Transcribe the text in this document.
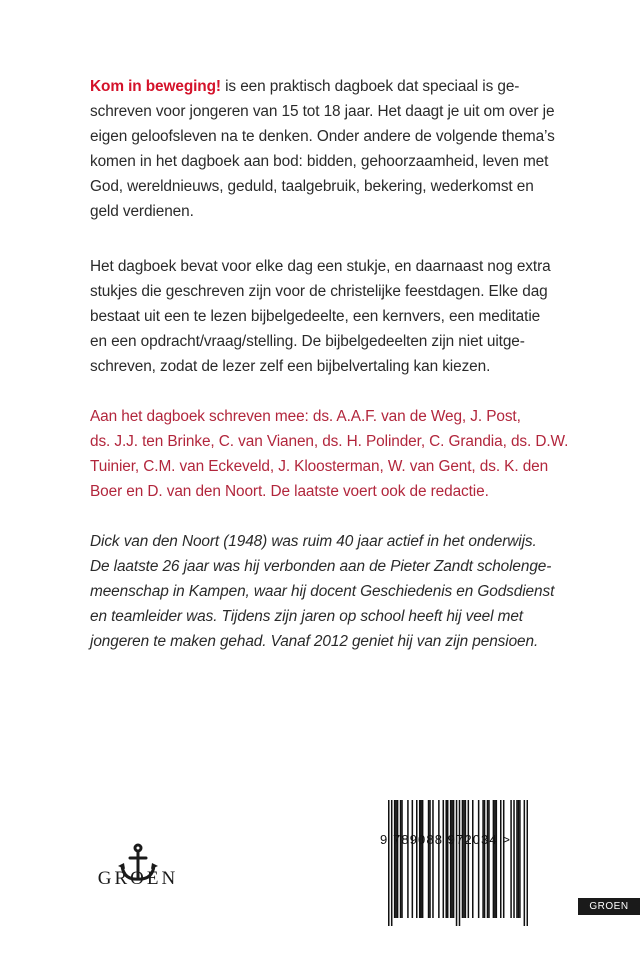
Kom in beweging! is een praktisch dagboek dat speciaal is ge-
schreven voor jongeren van 15 tot 18 jaar. Het daagt je uit om over je
eigen geloofsleven na te denken. Onder andere de volgende thema’s
komen in het dagboek aan bod: bidden, gehoorzaamheid, leven met
God, wereldnieuws, geduld, taalgebruik, bekering, wederkomst en
geld verdienen.

Het dagboek bevat voor elke dag een stukje, en daarnaast nog extra
stukjes die geschreven zijn voor de christelijke feestdagen. Elke dag
bestaat uit een te lezen bijbelgedeelte, een kernvers, een meditatie
en een opdracht/vraag/stelling. De bijbelgedeelten zijn niet uitge-
schreven, zodat de lezer zelf een bijbelvertaling kan kiezen.

Aan het dagboek schreven mee: ds. A.A.F. van de Weg, J. Post,
ds. J.J. ten Brinke, C. van Vianen, ds. H. Polinder, C. Grandia, ds. D.W.
Tuinier, C.M. van Eckeveld, J. Kloosterman, W. van Gent, ds. K. den
Boer en D. van den Noort. De laatste voert ook de redactie.

Dick van den Noort (1948) was ruim 40 jaar actief in het onderwijs.
De laatste 26 jaar was hij verbonden aan de Pieter Zandt scholenge-
meenschap in Kampen, waar hij docent Geschiedenis en Godsdienst
en teamleider was. Tijdens zijn jaren op school heeft hij veel met
jongeren te maken gehad. Vanaf 2012 geniet hij van zijn pensioen.

GROEN
9 789088 972034 >
GROEN
